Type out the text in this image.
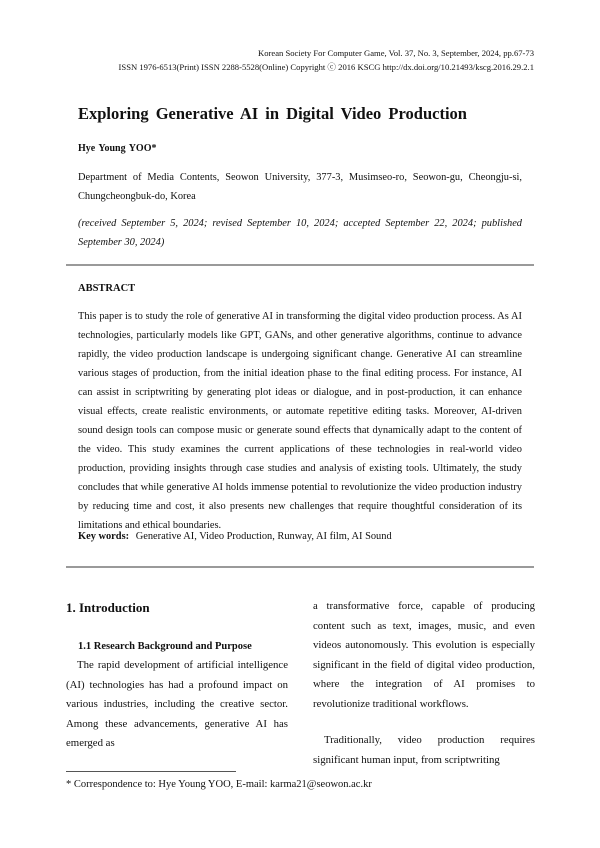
Korean Society For Computer Game, Vol. 37, No. 3, September, 2024, pp.67-73
ISSN 1976-6513(Print) ISSN 2288-5528(Online) Copyright ⓒ 2016 KSCG http://dx.doi.org/10.21493/kscg.2016.29.2.1
Exploring Generative AI in Digital Video Production
Hye Young YOO*
Department of Media Contents, Seowon University, 377-3, Musimseo-ro, Seowon-gu, Cheongju-si, Chungcheongbuk-do, Korea
(received September 5, 2024; revised September 10, 2024; accepted September 22, 2024; published September 30, 2024)
ABSTRACT
This paper is to study the role of generative AI in transforming the digital video production process. As AI technologies, particularly models like GPT, GANs, and other generative algorithms, continue to advance rapidly, the video production landscape is undergoing significant change. Generative AI can streamline various stages of production, from the initial ideation phase to the final editing process. For instance, AI can assist in scriptwriting by generating plot ideas or dialogue, and in post-production, it can enhance visual effects, create realistic environments, or automate repetitive editing tasks. Moreover, AI-driven sound design tools can compose music or generate sound effects that dynamically adapt to the content of the video. This study examines the current applications of these technologies in real-world video production, providing insights through case studies and analysis of existing tools. Ultimately, the study concludes that while generative AI holds immense potential to revolutionize the video production industry by reducing time and cost, it also presents new challenges that require thoughtful consideration of its limitations and ethical boundaries.
Key words: Generative AI, Video Production, Runway, AI film, AI Sound
1. Introduction
1.1 Research Background and Purpose
The rapid development of artificial intelligence (AI) technologies has had a profound impact on various industries, including the creative sector. Among these advancements, generative AI has emerged as
a transformative force, capable of producing content such as text, images, music, and even videos autonomously. This evolution is especially significant in the field of digital video production, where the integration of AI promises to revolutionize traditional workflows.
Traditionally, video production requires significant human input, from scriptwriting
* Correspondence to: Hye Young YOO, E-mail: karma21@seowon.ac.kr
